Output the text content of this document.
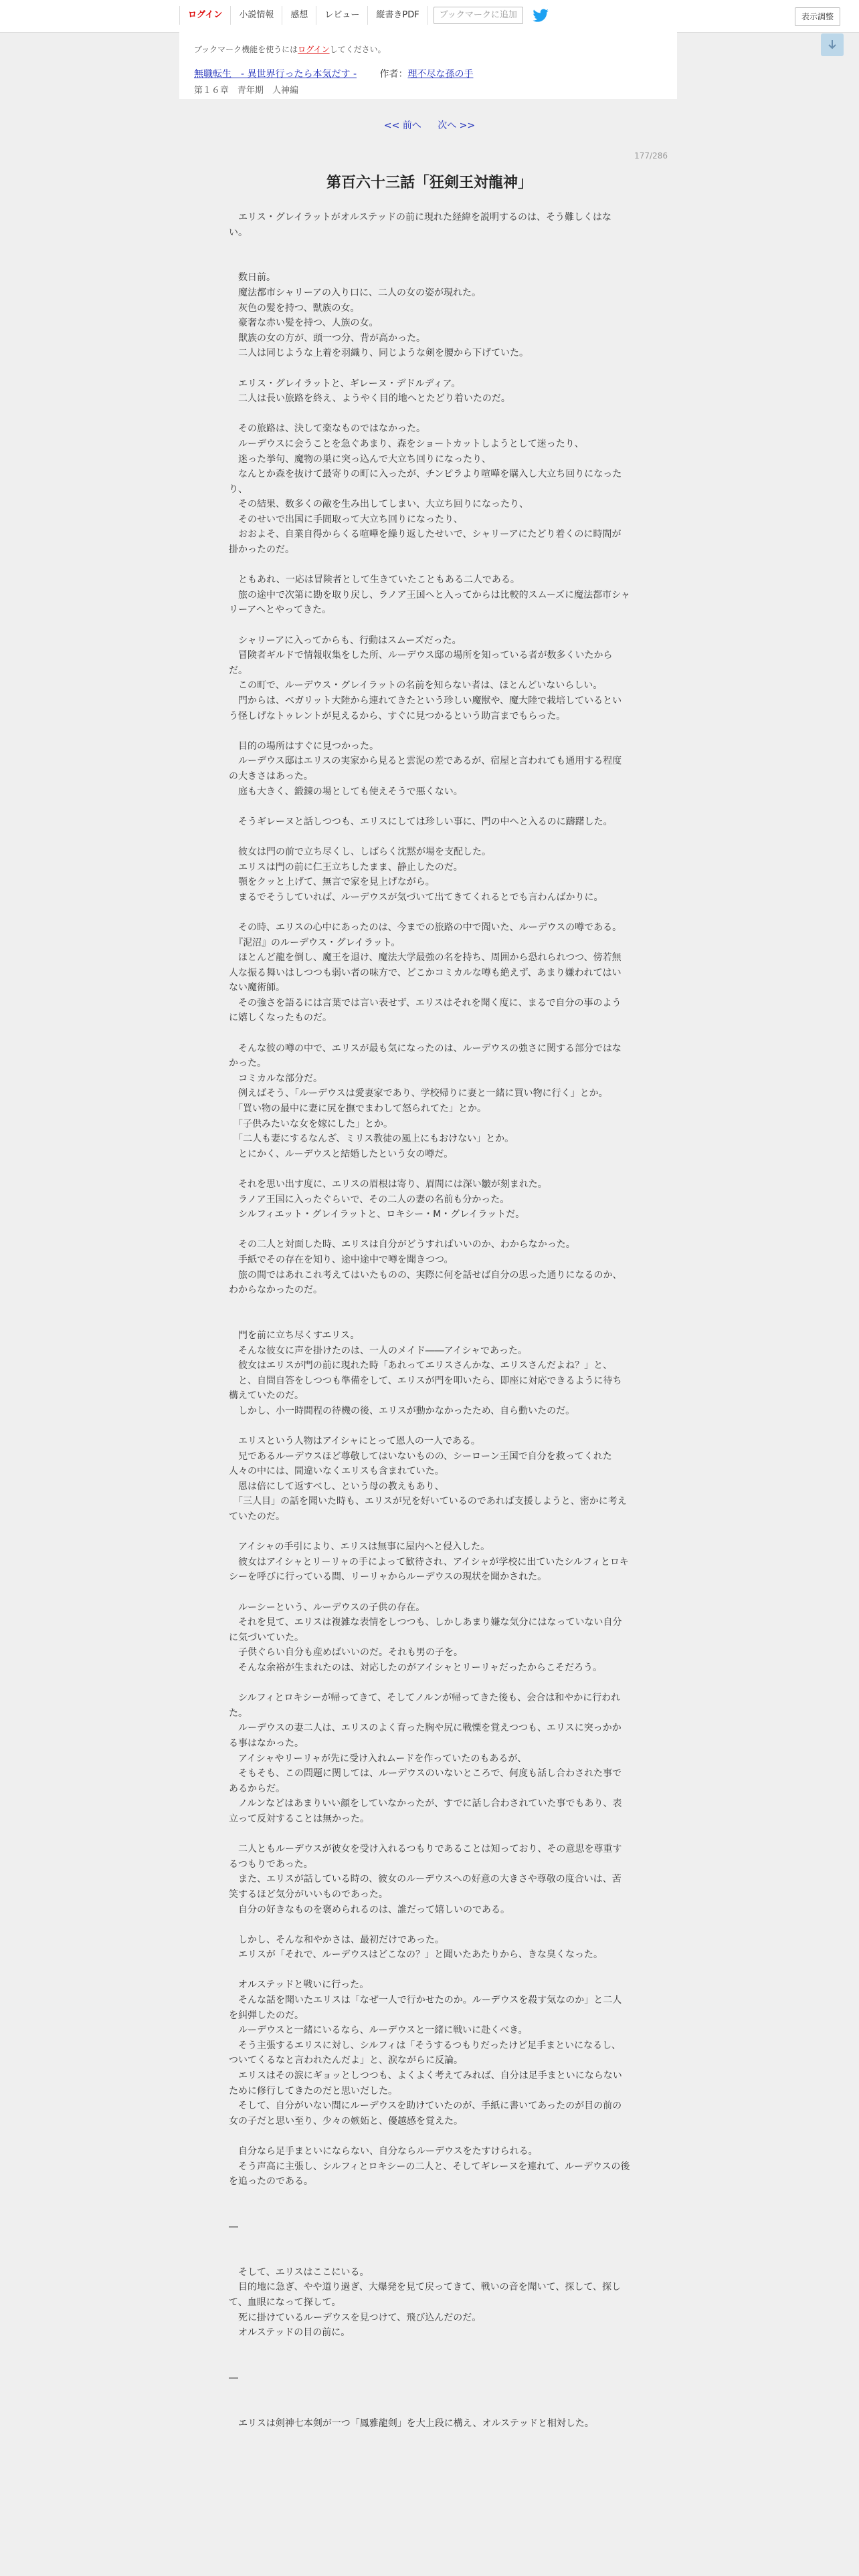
ログイン	小説情報	感想	レビュー	縦書きPDF	ブックマークに追加	表示調整
ブックマーク機能を使うにはログインしてください。
無職転生　- 異世界行ったら本気だす - 作者：理不尽な孫の手
第１６章　青年期　人神編
<< 前へ 次へ >>
177/286
第百六十三話「狂剣王対龍神」

　エリス・グレイラットがオルステッドの前に現れた経緯を説明するのは、そう難しくはない。

　数日前。

　魔法都市シャリーアの入り口に、二人の女の姿が現れた。

　灰色の髪を持つ、獣族の女。

　豪奢な赤い髪を持つ、人族の女。

　獣族の女の方が、頭一つ分、背が高かった。

　二人は同じような上着を羽織り、同じような剣を腰から下げていた。

　エリス・グレイラットと、ギレーヌ・デドルディア。

　二人は長い旅路を終え、ようやく目的地へとたどり着いたのだ。

　その旅路は、決して楽なものではなかった。

　ルーデウスに会うことを急ぐあまり、森をショートカットしようとして迷ったり、

　迷った挙句、魔物の巣に突っ込んで大立ち回りになったり、

　なんとか森を抜けて最寄りの町に入ったが、チンピラより喧嘩を購入し大立ち回りになったり、

　その結果、数多くの敵を生み出してしまい、大立ち回りになったり、

　そのせいで出国に手間取って大立ち回りになったり、

　おおよそ、自業自得からくる喧嘩を繰り返したせいで、シャリーアにたどり着くのに時間が掛かったのだ。

　ともあれ、一応は冒険者として生きていたこともある二人である。

　旅の途中で次第に勘を取り戻し、ラノア王国へと入ってからは比較的スムーズに魔法都市シャリーアへとやってきた。

　シャリーアに入ってからも、行動はスムーズだった。

　冒険者ギルドで情報収集をした所、ルーデウス邸の場所を知っている者が数多くいたからだ。

　この町で、ルーデウス・グレイラットの名前を知らない者は、ほとんどいないらしい。

　門からは、ベガリット大陸から連れてきたという珍しい魔獣や、魔大陸で栽培しているという怪しげなトゥレントが見えるから、すぐに見つかるという助言までもらった。

　目的の場所はすぐに見つかった。

　ルーデウス邸はエリスの実家から見ると雲泥の差であるが、宿屋と言われても通用する程度の大きさはあった。

　庭も大きく、鍛錬の場としても使えそうで悪くない。

　そうギレーヌと話しつつも、エリスにしては珍しい事に、門の中へと入るのに躊躇した。

　彼女は門の前で立ち尽くし、しばらく沈黙が場を支配した。

　エリスは門の前に仁王立ちしたまま、静止したのだ。

　顎をクッと上げて、無言で家を見上げながら。

　まるでそうしていれば、ルーデウスが気づいて出てきてくれるとでも言わんばかりに。

　その時、エリスの心中にあったのは、今までの旅路の中で聞いた、ルーデウスの噂である。

　『泥沼』のルーデウス・グレイラット。

　ほとんど龍を倒し、魔王を退け、魔法大学最強の名を持ち、周囲から恐れられつつ、傍若無人な振る舞いはしつつも弱い者の味方で、どこかコミカルな噂も絶えず、あまり嫌われてはいない魔術師。

　その強さを語るには言葉では言い表せず、エリスはそれを聞く度に、まるで自分の事のように嬉しくなったものだ。

　そんな彼の噂の中で、エリスが最も気になったのは、ルーデウスの強さに関する部分ではなかった。

　コミカルな部分だ。

　例えばそう、「ルーデウスは愛妻家であり、学校帰りに妻と一緒に買い物に行く」とか。

　「買い物の最中に妻に尻を撫でまわして怒られてた」とか。

　「子供みたいな女を嫁にした」とか。

　「二人も妻にするなんざ、ミリス教徒の風上にもおけない」とか。

　とにかく、ルーデウスと結婚したという女の噂だ。

　それを思い出す度に、エリスの眉根は寄り、眉間には深い皺が刻まれた。

　ラノア王国に入ったぐらいで、その二人の妻の名前も分かった。

　シルフィエット・グレイラットと、ロキシー・M・グレイラットだ。

　その二人と対面した時、エリスは自分がどうすればいいのか、わからなかった。

　手紙でその存在を知り、途中途中で噂を聞きつつ。

　旅の間ではあれこれ考えてはいたものの、実際に何を話せば自分の思った通りになるのか、わからなかったのだ。

　門を前に立ち尽くすエリス。

　そんな彼女に声を掛けたのは、一人のメイド――アイシャであった。

　彼女はエリスが門の前に現れた時「あれってエリスさんかな、エリスさんだよね？」と、

　と、自問自答をしつつも準備をして、エリスが門を叩いたら、即座に対応できるように待ち構えていたのだ。

　しかし、小一時間程の待機の後、エリスが動かなかったため、自ら動いたのだ。

　エリスという人物はアイシャにとって恩人の一人である。

　兄であるルーデウスほど尊敬してはいないものの、シーローン王国で自分を救ってくれた人々の中には、間違いなくエリスも含まれていた。

　恩は倍にして返すべし、という母の教えもあり、

　「三人目」の話を聞いた時も、エリスが兄を好いているのであれば支援しようと、密かに考えていたのだ。

　アイシャの手引により、エリスは無事に屋内へと侵入した。

　彼女はアイシャとリーリャの手によって歓待され、アイシャが学校に出ていたシルフィとロキシーを呼びに行っている間、リーリャからルーデウスの現状を聞かされた。

　ルーシーという、ルーデウスの子供の存在。

　それを見て、エリスは複雑な表情をしつつも、しかしあまり嫌な気分にはなっていない自分に気づいていた。

　子供ぐらい自分も産めばいいのだ。それも男の子を。

　そんな余裕が生まれたのは、対応したのがアイシャとリーリャだったからこそだろう。

　シルフィとロキシーが帰ってきて、そしてノルンが帰ってきた後も、会合は和やかに行われた。

　ルーデウスの妻二人は、エリスのよく育った胸や尻に戦慄を覚えつつも、エリスに突っかかる事はなかった。

　アイシャやリーリャが先に受け入れムードを作っていたのもあるが、

　そもそも、この問題に関しては、ルーデウスのいないところで、何度も話し合わされた事であるからだ。

　ノルンなどはあまりいい顔をしていなかったが、すでに話し合わされていた事でもあり、表立って反対することは無かった。

　二人ともルーデウスが彼女を受け入れるつもりであることは知っており、その意思を尊重するつもりであった。

　また、エリスが話している時の、彼女のルーデウスへの好意の大きさや尊敬の度合いは、苦笑するほど気分がいいものであった。

　自分の好きなものを褒められるのは、誰だって嬉しいのである。

　しかし、そんな和やかさは、最初だけであった。

　エリスが「それで、ルーデウスはどこなの？」と聞いたあたりから、きな臭くなった。

　オルステッドと戦いに行った。

　そんな話を聞いたエリスは「なぜ一人で行かせたのか。ルーデウスを殺す気なのか」と二人を糾弾したのだ。

　ルーデウスと一緒にいるなら、ルーデウスと一緒に戦いに赴くべき。

　そう主張するエリスに対し、シルフィは「そうするつもりだったけど足手まといになるし、ついてくるなと言われたんだよ」と、涙ながらに反論。

　エリスはその涙にギョッとしつつも、よくよく考えてみれば、自分は足手まといにならないために修行してきたのだと思いだした。

　そして、自分がいない間にルーデウスを助けていたのが、手紙に書いてあったのが目の前の女の子だと思い至り、少々の嫉妬と、優越感を覚えた。

　自分なら足手まといにならない、自分ならルーデウスをたすけられる。

　そう声高に主張し、シルフィとロキシーの二人と、そしてギレーヌを連れて、ルーデウスの後を追ったのである。

―

　そして、エリスはここにいる。

　目的地に急ぎ、やや道り過ぎ、大爆発を見て戻ってきて、戦いの音を聞いて、探して、探して、血眼になって探して。

　死に掛けているルーデウスを見つけて、飛び込んだのだ。

　オルステッドの目の前に。

―

　エリスは剣神七本剣が一つ「鳳雅龍剣」を大上段に構え、オルステッドと相対した。
